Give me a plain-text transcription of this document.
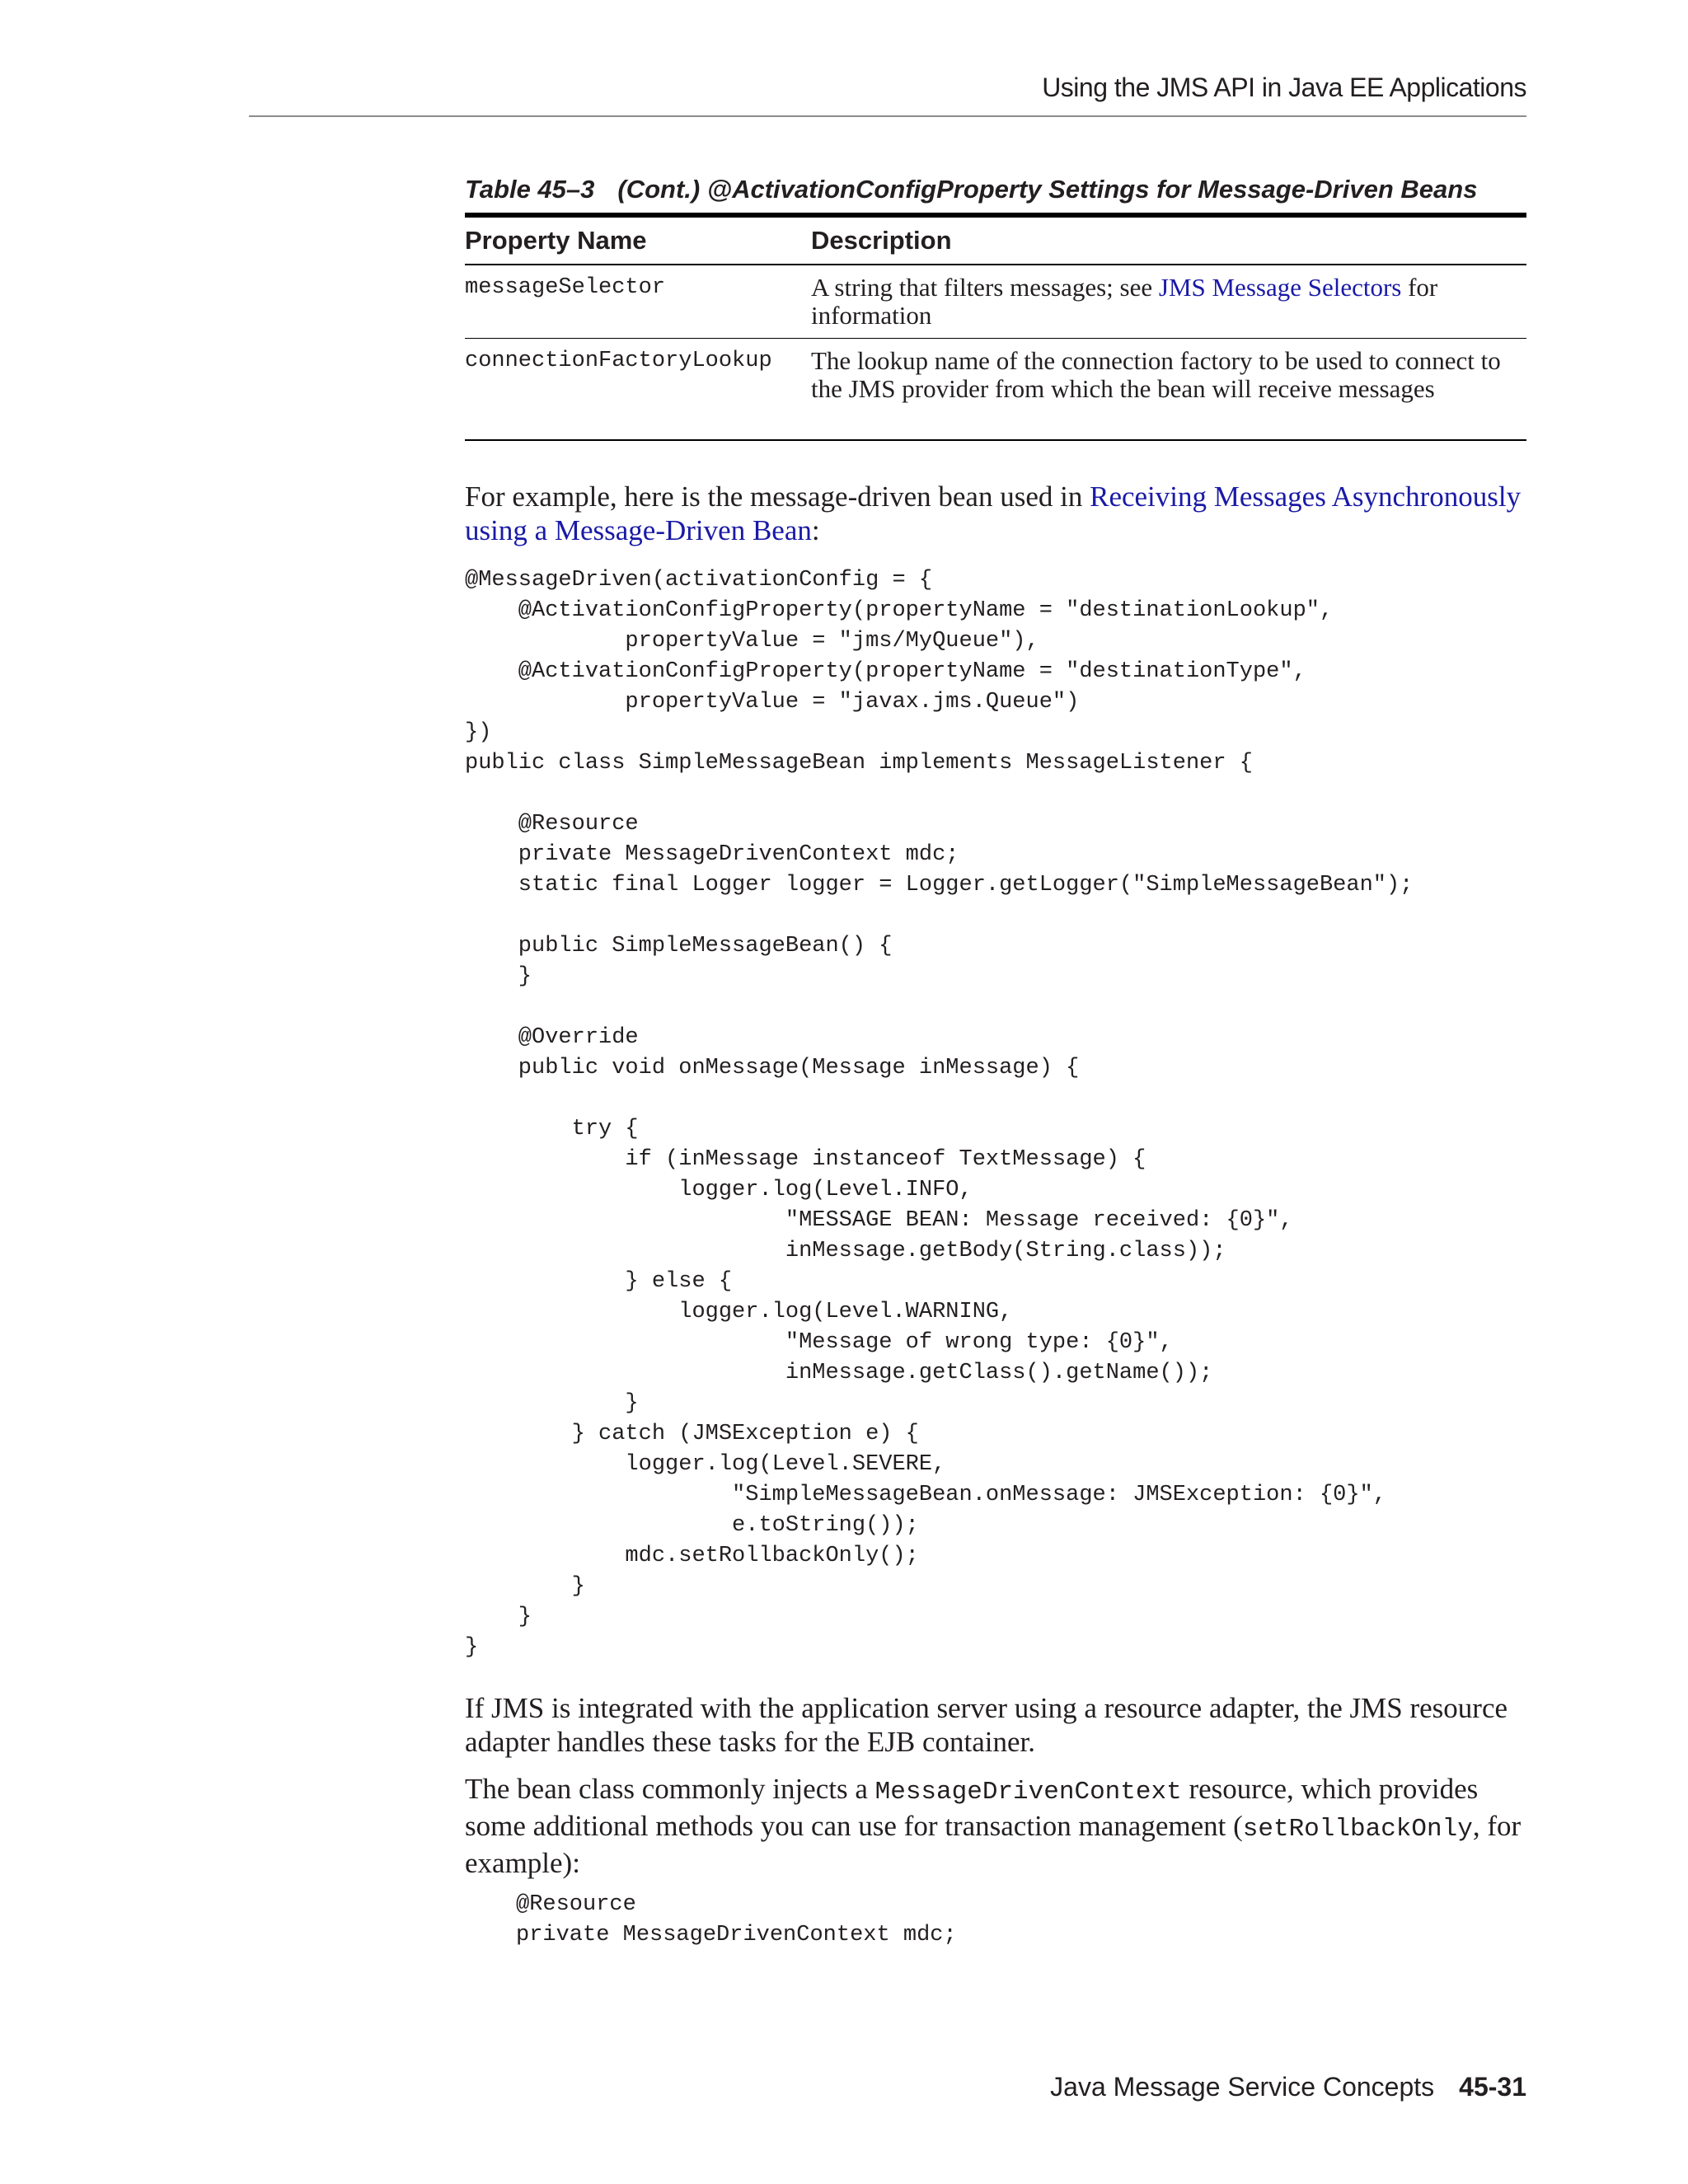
Using the JMS API in Java EE Applications
Table 45–3 (Cont.) @ActivationConfigProperty Settings for Message-Driven Beans
Property Name	Description
messageSelector	A string that filters messages; see JMS Message Selectors for information
connectionFactoryLookup The lookup name of the connection factory to be used to connect to the JMS provider from which the bean will receive messages
For example, here is the message-driven bean used in Receiving Messages Asynchronously using a Message-Driven Bean:
@MessageDriven(activationConfig = {
@ActivationConfigProperty(propertyName = "destinationLookup",
propertyValue = "jms/MyQueue"),
@ActivationConfigProperty(propertyName = "destinationType",
propertyValue = "javax.jms.Queue")
})
public class SimpleMessageBean implements MessageListener {

@Resource
private MessageDrivenContext mdc;
static final Logger logger = Logger.getLogger("SimpleMessageBean");

public SimpleMessageBean() {
}

@Override
public void onMessage(Message inMessage) {

try {
if (inMessage instanceof TextMessage) {
logger.log(Level.INFO,
"MESSAGE BEAN: Message received: {0}",
inMessage.getBody(String.class));
} else {
logger.log(Level.WARNING,
"Message of wrong type: {0}",
inMessage.getClass().getName());
}
} catch (JMSException e) {
logger.log(Level.SEVERE,
"SimpleMessageBean.onMessage: JMSException: {0}",
e.toString());
mdc.setRollbackOnly();
}
}
}
If JMS is integrated with the application server using a resource adapter, the JMS resource adapter handles these tasks for the EJB container.
The bean class commonly injects a MessageDrivenContext resource, which provides some additional methods you can use for transaction management (setRollbackOnly, for example):
@Resource
private MessageDrivenContext mdc;
Java Message Service Concepts 45-31
